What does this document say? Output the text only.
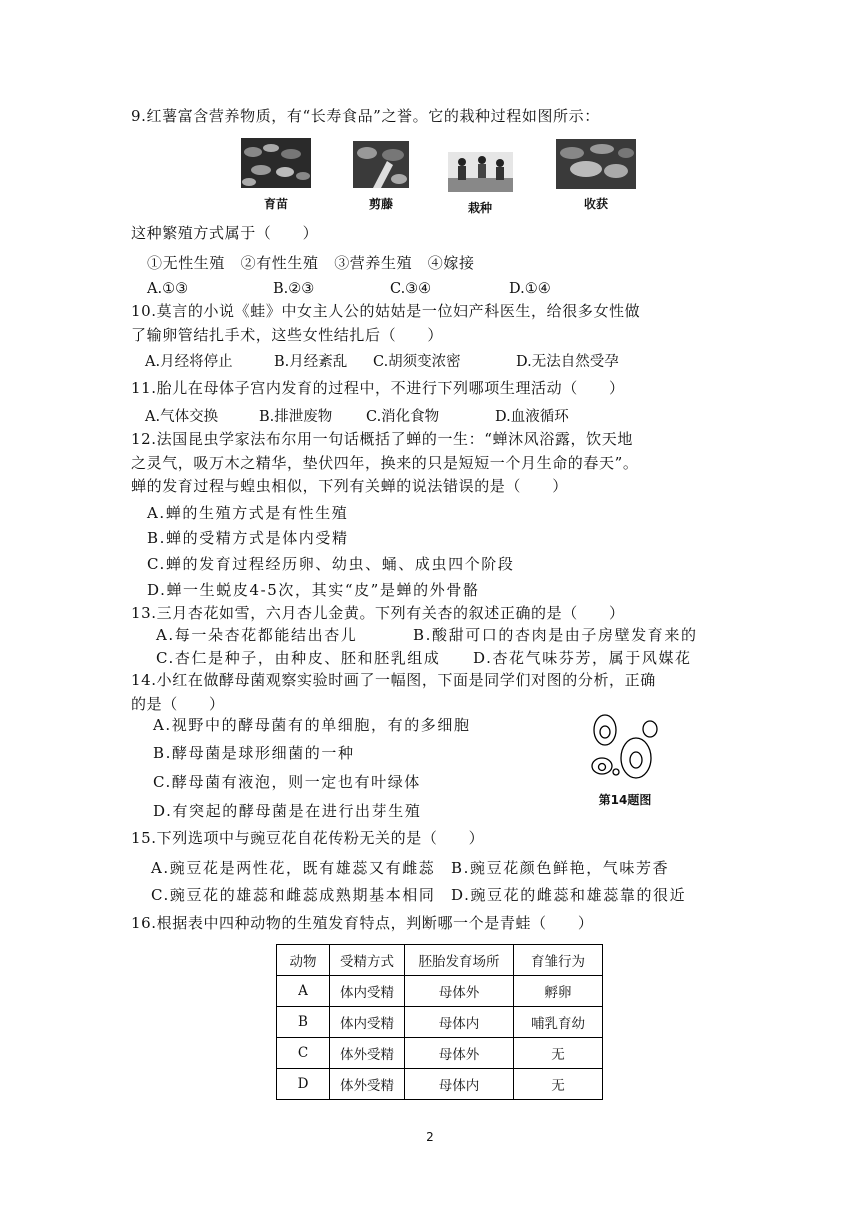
9.红薯富含营养物质，有“长寿食品”之誉。它的栽种过程如图所示：
育苗	剪藤	栽种	收获
这种繁殖方式属于（　　）
①无性生殖　②有性生殖　③营养生殖　④嫁接
A.①③	B.②③	C.③④	D.①④
10.莫言的小说《蛙》中女主人公的姑姑是一位妇产科医生，给很多女性做
了输卵管结扎手术，这些女性结扎后（　　）
A.月经将停止	B.月经紊乱 C.胡须变浓密	D.无法自然受孕
11.胎儿在母体子宫内发育的过程中，不进行下列哪项生理活动（　　）
A.气体交换	B.排泄废物 C.消化食物	D.血液循环
12.法国昆虫学家法布尔用一句话概括了蝉的一生：“蝉沐风浴露，饮天地
之灵气，吸万木之精华，垫伏四年，换来的只是短短一个月生命的春天”。
蝉的发育过程与蝗虫相似，下列有关蝉的说法错误的是（　　）
A.蝉的生殖方式是有性生殖
B.蝉的受精方式是体内受精
C.蝉的发育过程经历卵、幼虫、蛹、成虫四个阶段
D.蝉一生蜕皮4-5次，其实“皮”是蝉的外骨骼
13.三月杏花如雪，六月杏儿金黄。下列有关杏的叙述正确的是（　　）
A.每一朵杏花都能结出杏儿	B.酸甜可口的杏肉是由子房壁发育来的
C.杏仁是种子，由种皮、胚和胚乳组成 D.杏花气味芬芳，属于风媒花
14.小红在做酵母菌观察实验时画了一幅图，下面是同学们对图的分析，正确
的是（　　）
A.视野中的酵母菌有的单细胞，有的多细胞
B.酵母菌是球形细菌的一种
C.酵母菌有液泡，则一定也有叶绿体
D.有突起的酵母菌是在进行出芽生殖
第14题图
15.下列选项中与豌豆花自花传粉无关的是（　　）
A.豌豆花是两性花，既有雄蕊又有雌蕊 B.豌豆花颜色鲜艳，气味芳香
C.豌豆花的雄蕊和雌蕊成熟期基本相同 D.豌豆花的雌蕊和雄蕊靠的很近
16.根据表中四种动物的生殖发育特点，判断哪一个是青蛙（　　）
动物	受精方式	胚胎发育场所	育雏行为
A	体内受精	母体外	孵卵
B	体内受精	母体内	哺乳育幼
C	体外受精	母体外	无
D	体外受精	母体内	无
2
